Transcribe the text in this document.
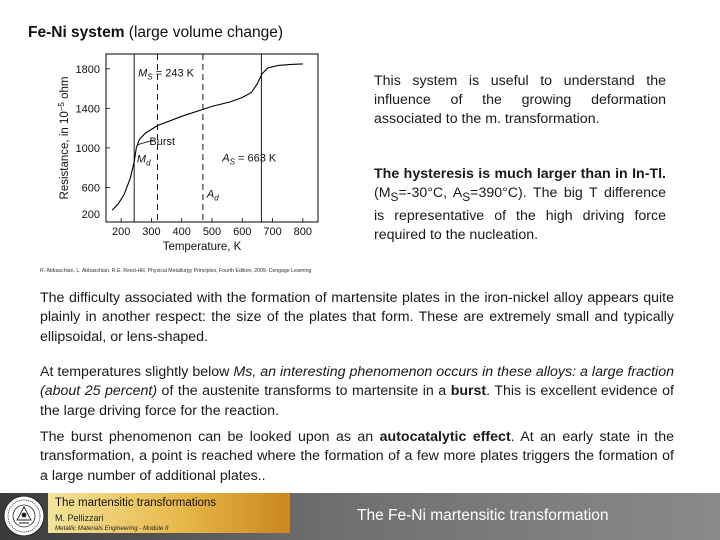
Fe-Ni system (large volume change)
200 300 400 500 600 700 800
200
600
1000
1400
1800
Temperature, K
Resistance, in $10^{-5}$ ohm
$M_S = 243$ K
$A_S = 663$ K
$M_d$
$A_d$
Burst
This system is useful to understand the influence of the growing deformation associated to the m. transformation.
The hysteresis is much larger than in In-Tl. ($M_S=-30^\circ C$, $A_S=390^\circ C$). The big T difference is representative of the high driving force required to the nucleation.
R. Abbaschian, L. Abbaschian, R.E. Reed-Hill, Physical Metallurgy Principles, Fourth Edition, 2009, Cengage Learning
The difficulty associated with the formation of martensite plates in the iron-nickel alloy appears quite plainly in another respect: the size of the plates that form. These are extremely small and typically ellipsoidal, or lens-shaped.
At temperatures slightly below Ms, an interesting phenomenon occurs in these alloys: a large fraction (about 25 percent) of the austenite transforms to martensite in a burst. This is excellent evidence of the large driving force for the reaction.
The burst phenomenon can be looked upon as an autocatalytic effect. At an early state in the transformation, a point is reached where the formation of a few more plates triggers the formation of a large number of additional plates..
The martensitic transformations
M. Pellizzari
Metallic Materials Engineering - Module II
The Fe-Ni martensitic transformation
